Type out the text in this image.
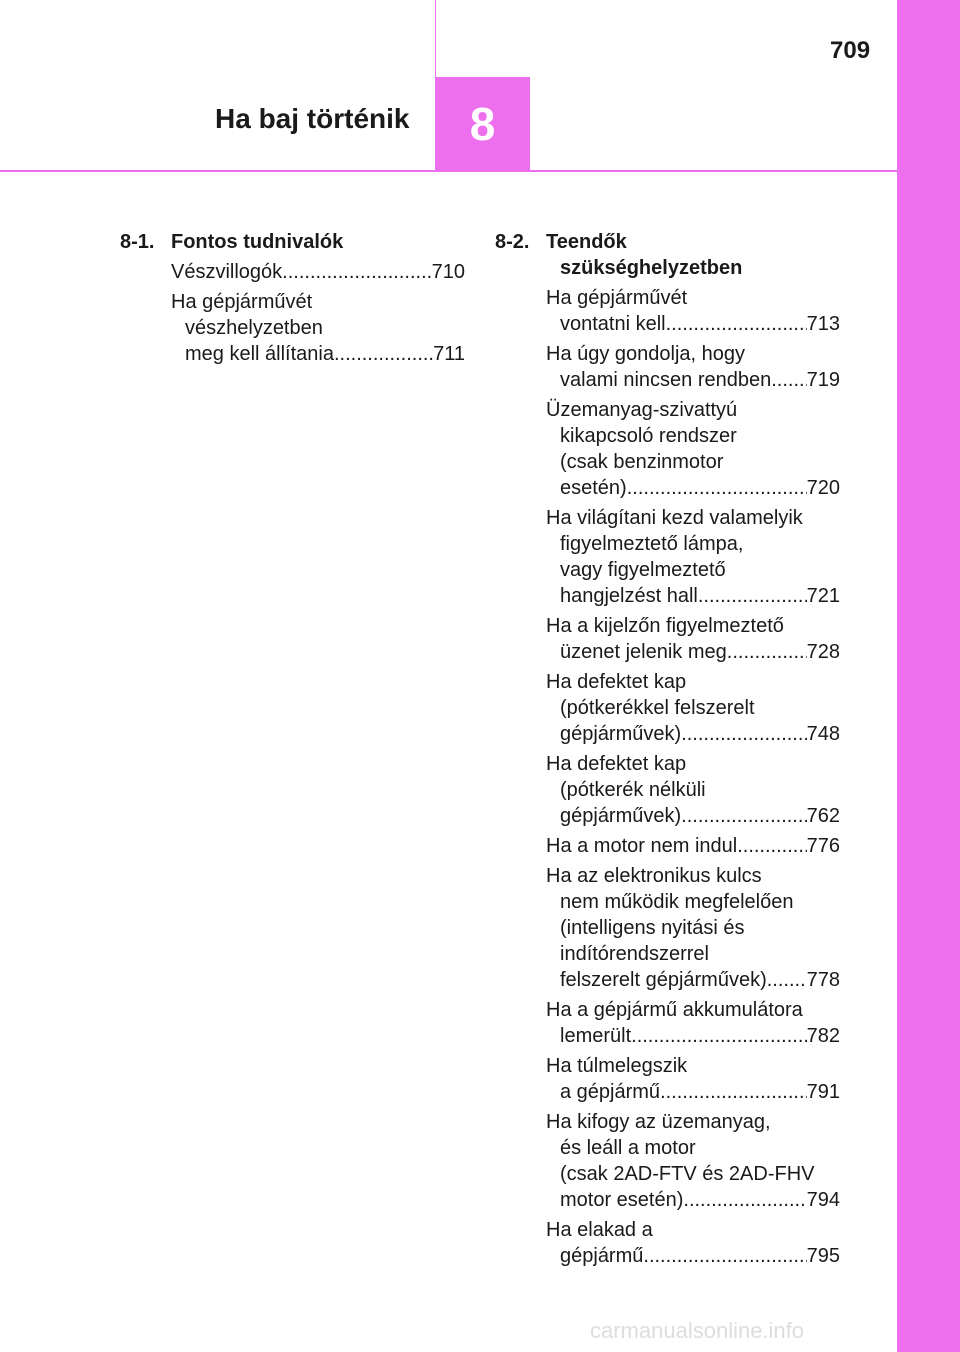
709
Ha baj történik 8
8-1. Fontos tudnivalók
Vészvillogók .....	710
Ha gépjárművét
vészhelyzetben
meg kell állítania .....	711
8-2. Teendők
szükséghelyzetben
Ha gépjárművét
vontatni kell .....	713
Ha úgy gondolja, hogy
valami nincsen rendben ..... 719
Üzemanyag-szivattyú
kikapcsoló rendszer
(csak benzinmotor
esetén) .....	720
Ha világítani kezd valamelyik
figyelmeztető lámpa,
vagy figyelmeztető
hangjelzést hall .....	721
Ha a kijelzőn figyelmeztető
üzenet jelenik meg .....	728
Ha defektet kap
(pótkerékkel felszerelt
gépjárművek) .....	748
Ha defektet kap
(pótkerék nélküli
gépjárművek) .....	762
Ha a motor nem indul .....	776
Ha az elektronikus kulcs
nem működik megfelelően
(intelligens nyitási és
indítórendszerrel
felszerelt gépjárművek) ..... 778
Ha a gépjármű akkumulátora
lemerült .....	782
Ha túlmelegszik
a gépjármű .....	791
Ha kifogy az üzemanyag,
és leáll a motor
(csak 2AD-FTV és 2AD-FHV
motor esetén) .....	794
Ha elakad a
gépjármű .....	795
carmanualsonline.info
